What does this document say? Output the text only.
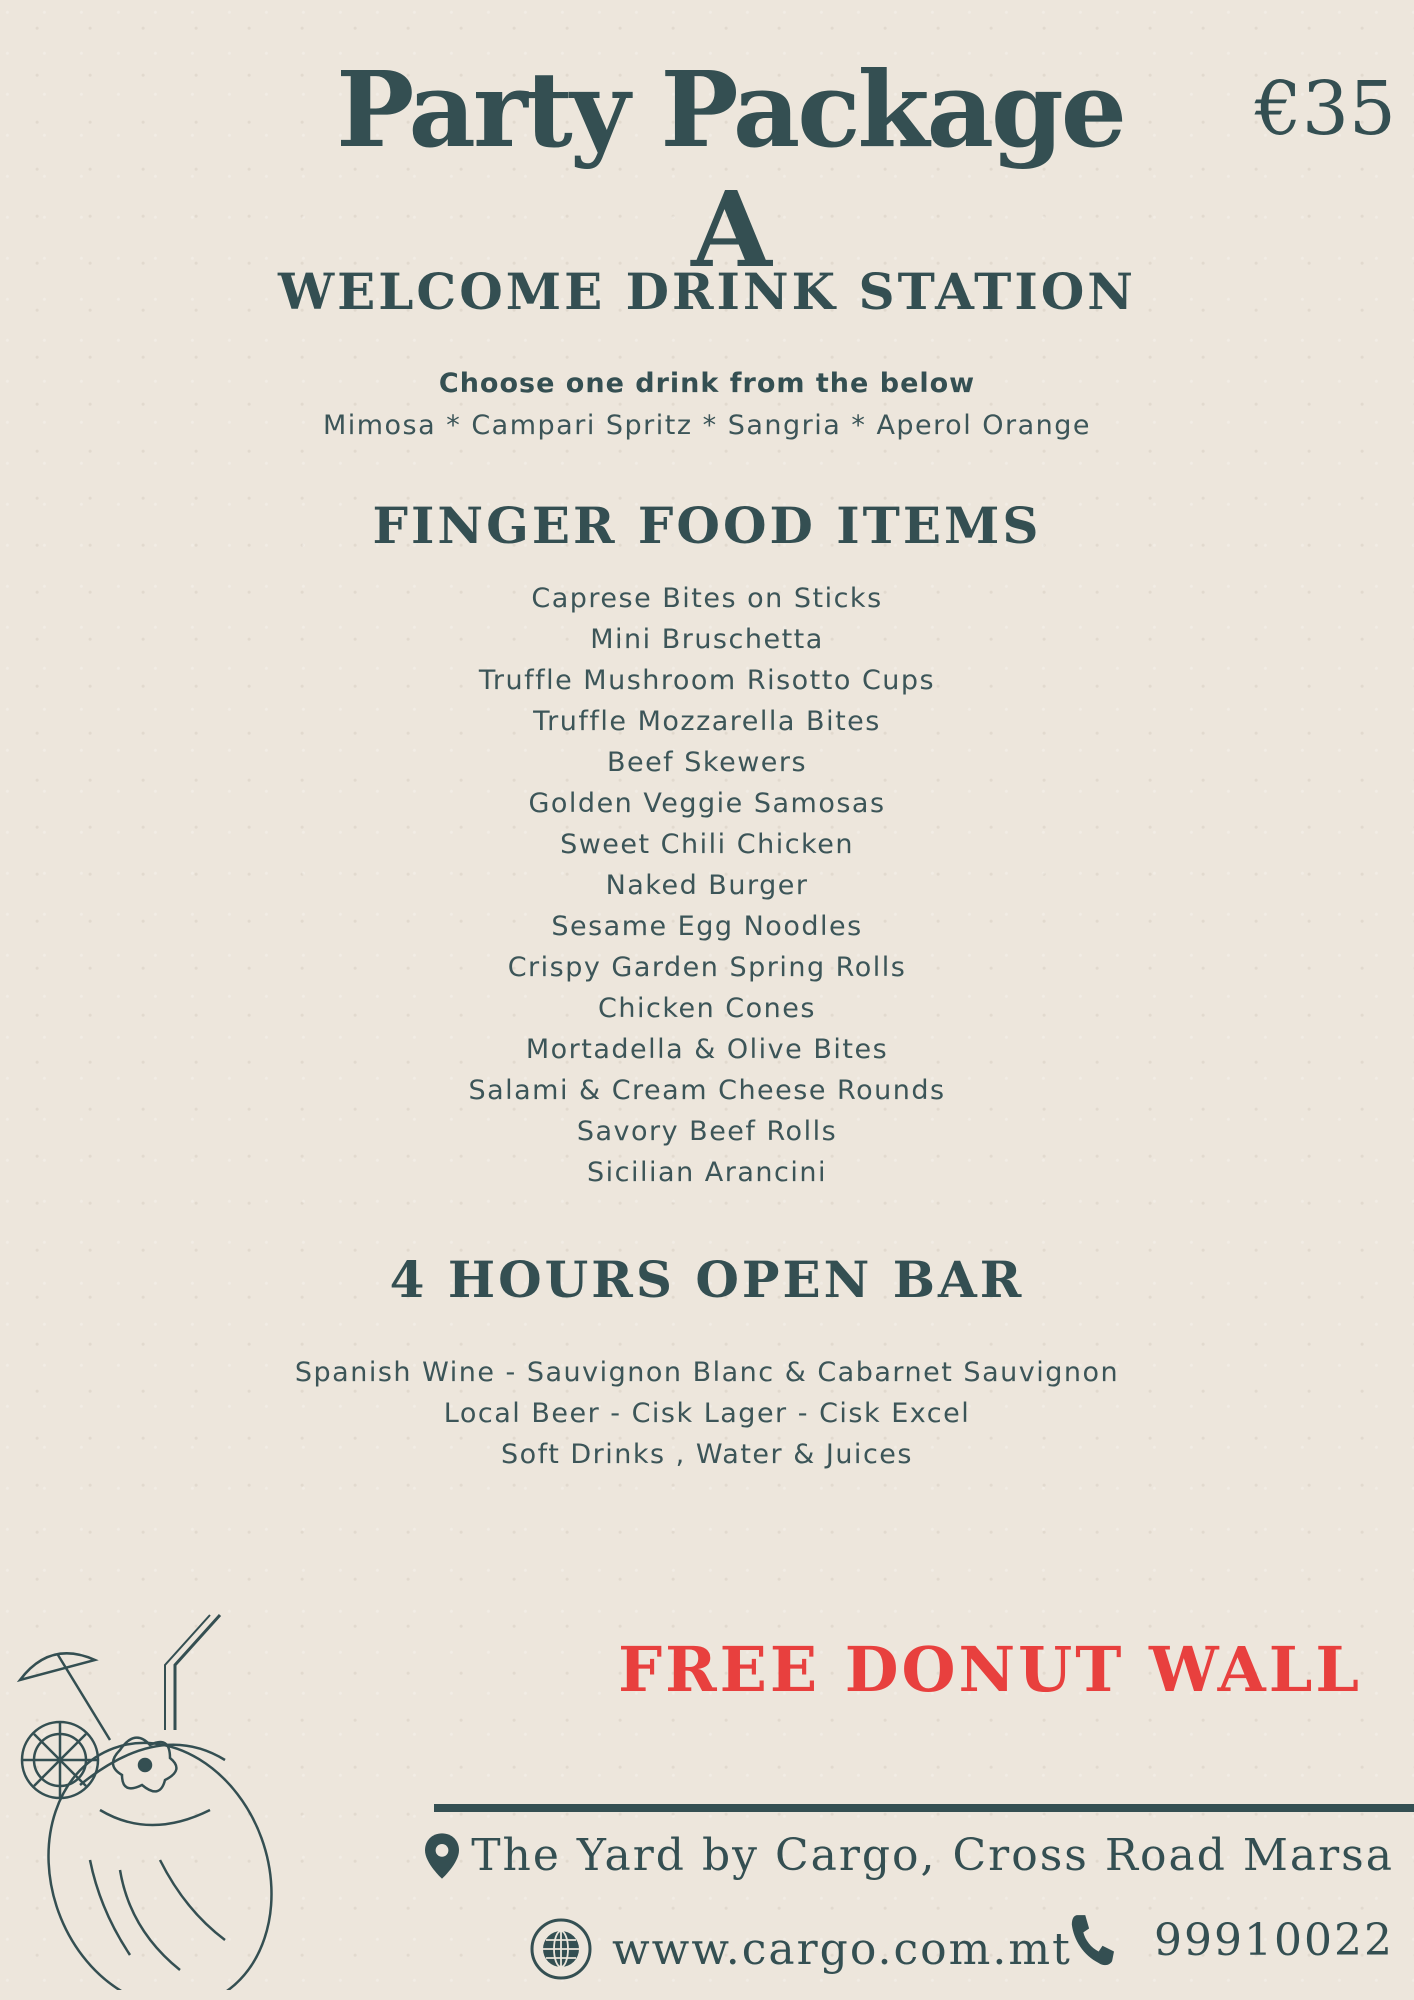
Party Package A
€35
WELCOME DRINK STATION
Choose one drink from the below
Mimosa * Campari Spritz * Sangria * Aperol Orange
FINGER FOOD ITEMS
Caprese Bites on Sticks
Mini Bruschetta
Truffle Mushroom Risotto Cups
Truffle Mozzarella Bites
Beef Skewers
Golden Veggie Samosas
Sweet Chili Chicken
Naked Burger
Sesame Egg Noodles
Crispy Garden Spring Rolls
Chicken Cones
Mortadella & Olive Bites
Salami & Cream Cheese Rounds
Savory Beef Rolls
Sicilian Arancini
4 HOURS OPEN BAR
Spanish Wine - Sauvignon Blanc & Cabarnet Sauvignon
Local Beer - Cisk Lager - Cisk Excel
Soft Drinks , Water & Juices
FREE DONUT WALL
The Yard by Cargo, Cross Road Marsa
www.cargo.com.mt 99910022
